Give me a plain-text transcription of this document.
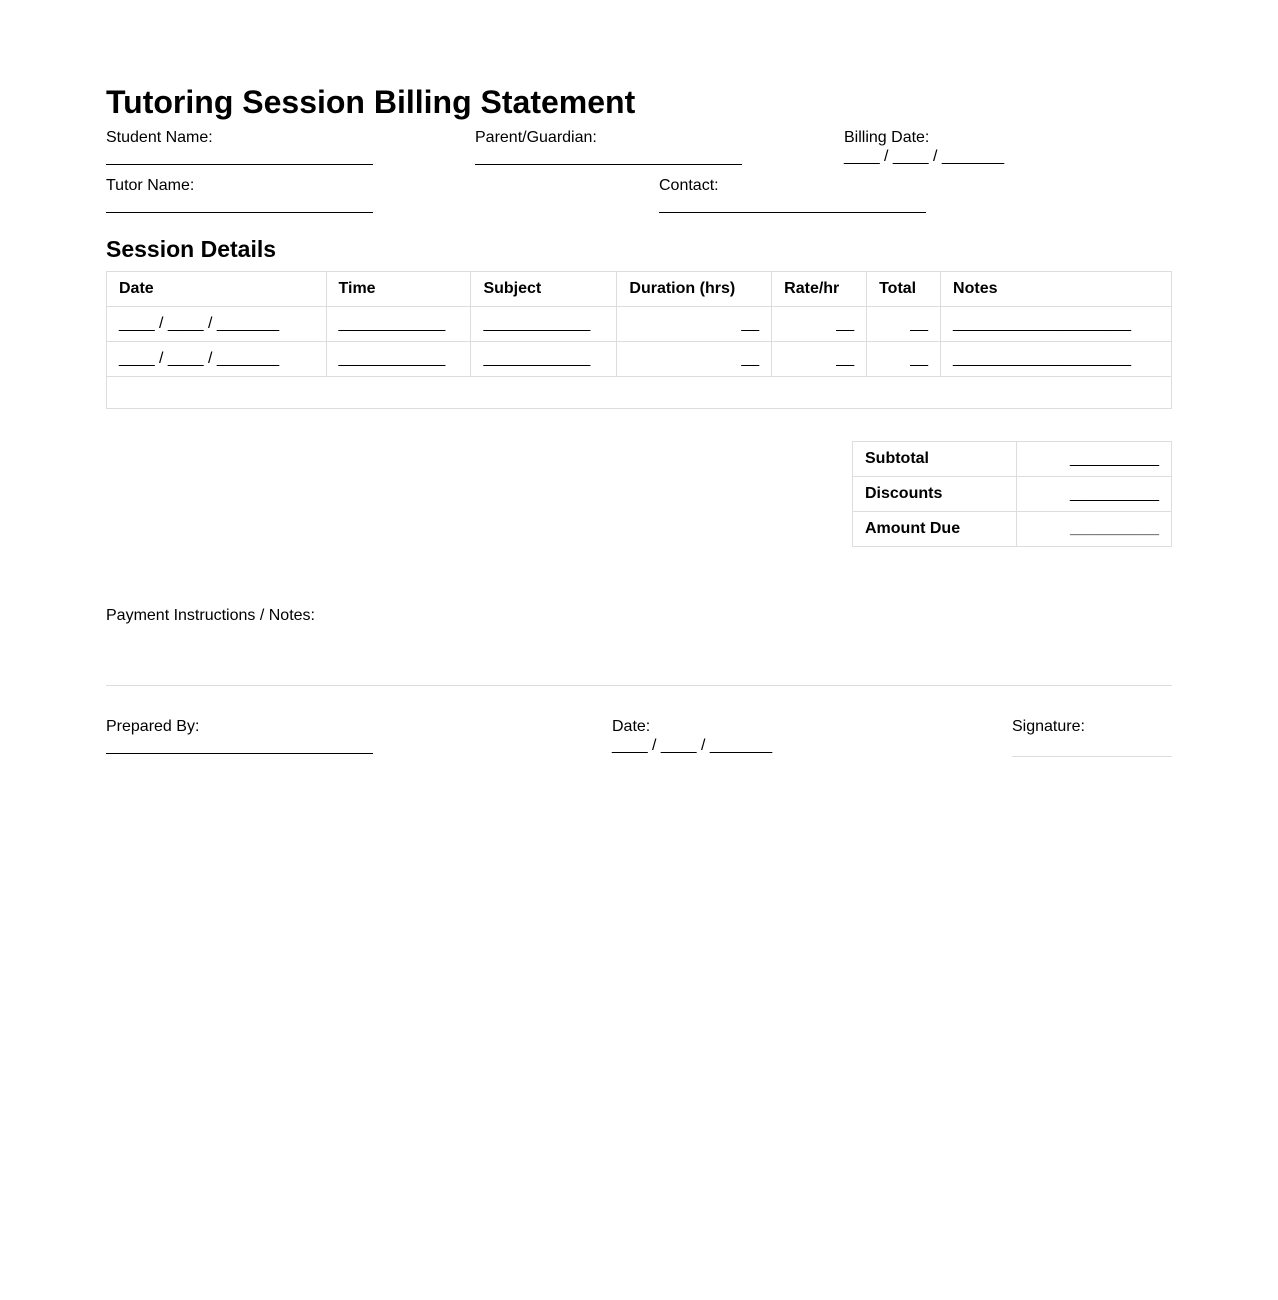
Tutoring Session Billing Statement
Student Name:	Parent/Guardian:	Billing Date:
____ / ____ / _______
Tutor Name:	Contact:
Session Details
Date	Time	Subject	Duration (hrs)	Rate/hr	Total	Notes
____ / ____ / _______	____________	____________	__	__	__	____________________
____ / ____ / _______	____________	____________	__	__	__	____________________

Subtotal	__________
Discounts	__________
Amount Due	__________
Payment Instructions / Notes:
Prepared By:	Date:
____ / ____ / _______
Signature:
